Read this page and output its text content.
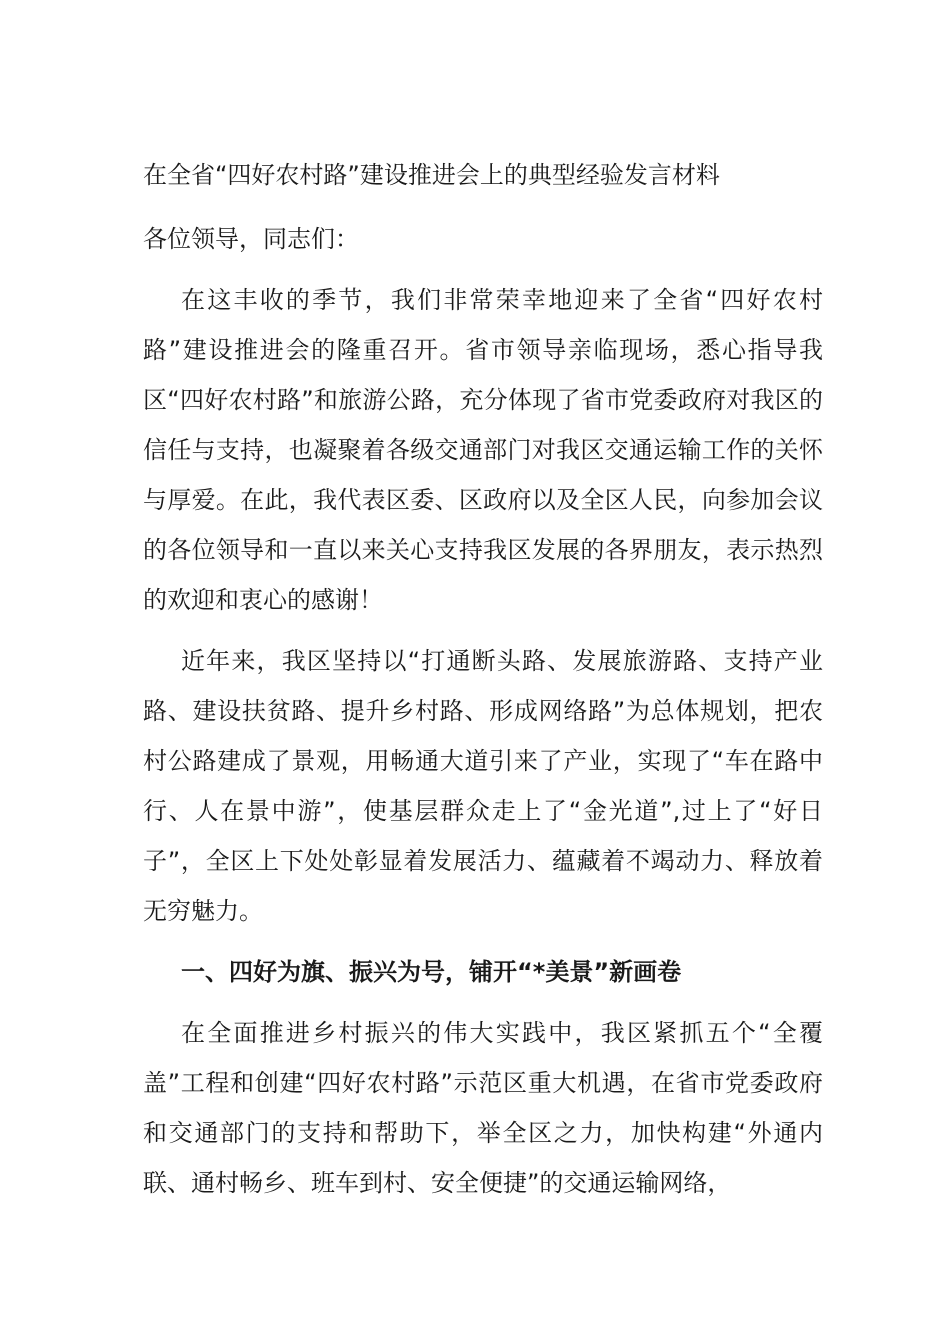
在全省“四好农村路”建设推进会上的典型经验发言材料
各位领导，同志们：

在这丰收的季节，我们非常荣幸地迎来了全省“四好农村路”建设推进会的隆重召开。省市领导亲临现场，悉心指导我区“四好农村路”和旅游公路，充分体现了省市党委政府对我区的信任与支持，也凝聚着各级交通部门对我区交通运输工作的关怀与厚爱。在此，我代表区委、区政府以及全区人民，向参加会议的各位领导和一直以来关心支持我区发展的各界朋友，表示热烈的欢迎和衷心的感谢！

近年来，我区坚持以“打通断头路、发展旅游路、支持产业路、建设扶贫路、提升乡村路、形成网络路”为总体规划，把农村公路建成了景观，用畅通大道引来了产业，实现了“车在路中行、人在景中游”，使基层群众走上了“金光道”,过上了“好日子”，全区上下处处彰显着发展活力、蕴藏着不竭动力、释放着无穷魅力。

一、四好为旗、振兴为号，铺开“*美景”新画卷

在全面推进乡村振兴的伟大实践中，我区紧抓五个“全覆盖”工程和创建“四好农村路”示范区重大机遇，在省市党委政府和交通部门的支持和帮助下，举全区之力，加快构建“外通内联、通村畅乡、班车到村、安全便捷”的交通运输网络，
